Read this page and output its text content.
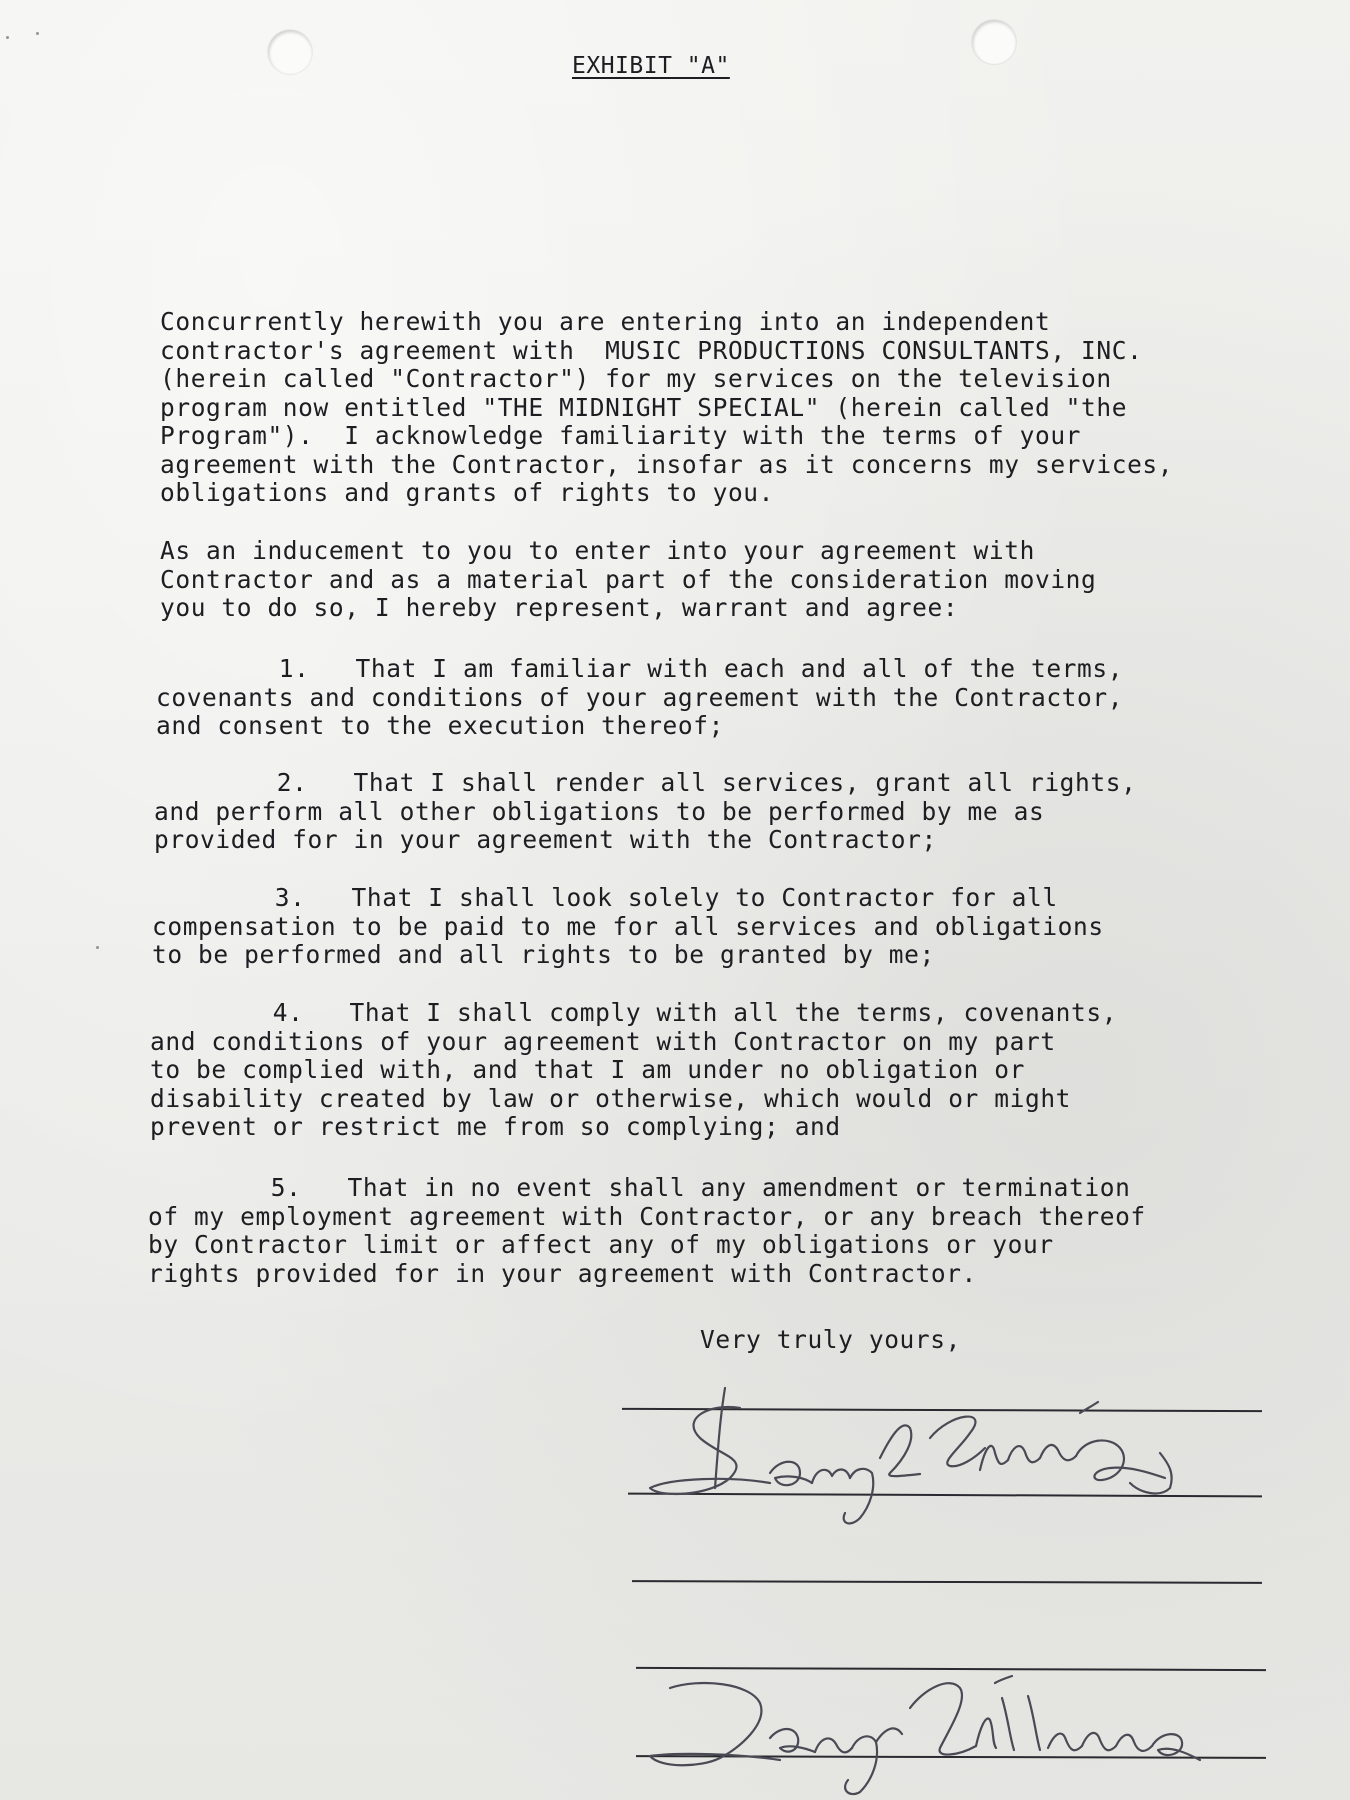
EXHIBIT "A"

Concurrently herewith you are entering into an independent
contractor's agreement with  MUSIC PRODUCTIONS CONSULTANTS, INC.
(herein called "Contractor") for my services on the television
program now entitled "THE MIDNIGHT SPECIAL" (herein called "the
Program").  I acknowledge familiarity with the terms of your
agreement with the Contractor, insofar as it concerns my services,
obligations and grants of rights to you.

As an inducement to you to enter into your agreement with
Contractor and as a material part of the consideration moving
you to do so, I hereby represent, warrant and agree:

1.   That I am familiar with each and all of the terms,
covenants and conditions of your agreement with the Contractor,
and consent to the execution thereof;

2.   That I shall render all services, grant all rights,
and perform all other obligations to be performed by me as
provided for in your agreement with the Contractor;

3.   That I shall look solely to Contractor for all
compensation to be paid to me for all services and obligations
to be performed and all rights to be granted by me;

4.   That I shall comply with all the terms, covenants,
and conditions of your agreement with Contractor on my part
to be complied with, and that I am under no obligation or
disability created by law or otherwise, which would or might
prevent or restrict me from so complying; and

5.   That in no event shall any amendment or termination
of my employment agreement with Contractor, or any breach thereof
by Contractor limit or affect any of my obligations or your
rights provided for in your agreement with Contractor.

Very truly yours,
